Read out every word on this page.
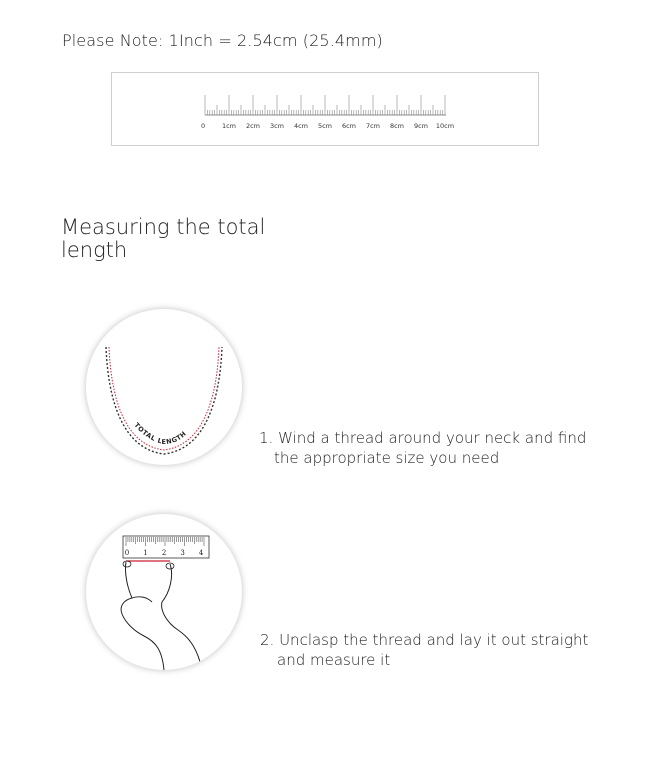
Please Note: 1Inch = 2.54cm (25.4mm)
0	1cm 2cm 3cm 4cm 5cm 6cm 7cm 8cm 9cm 10cm
Measuring the total length
TOTAL LENGTH	1. Wind a thread around your neck and find
the appropriate size you need
0 1 2 3 4
2. Unclasp the thread and lay it out straight
and measure it
